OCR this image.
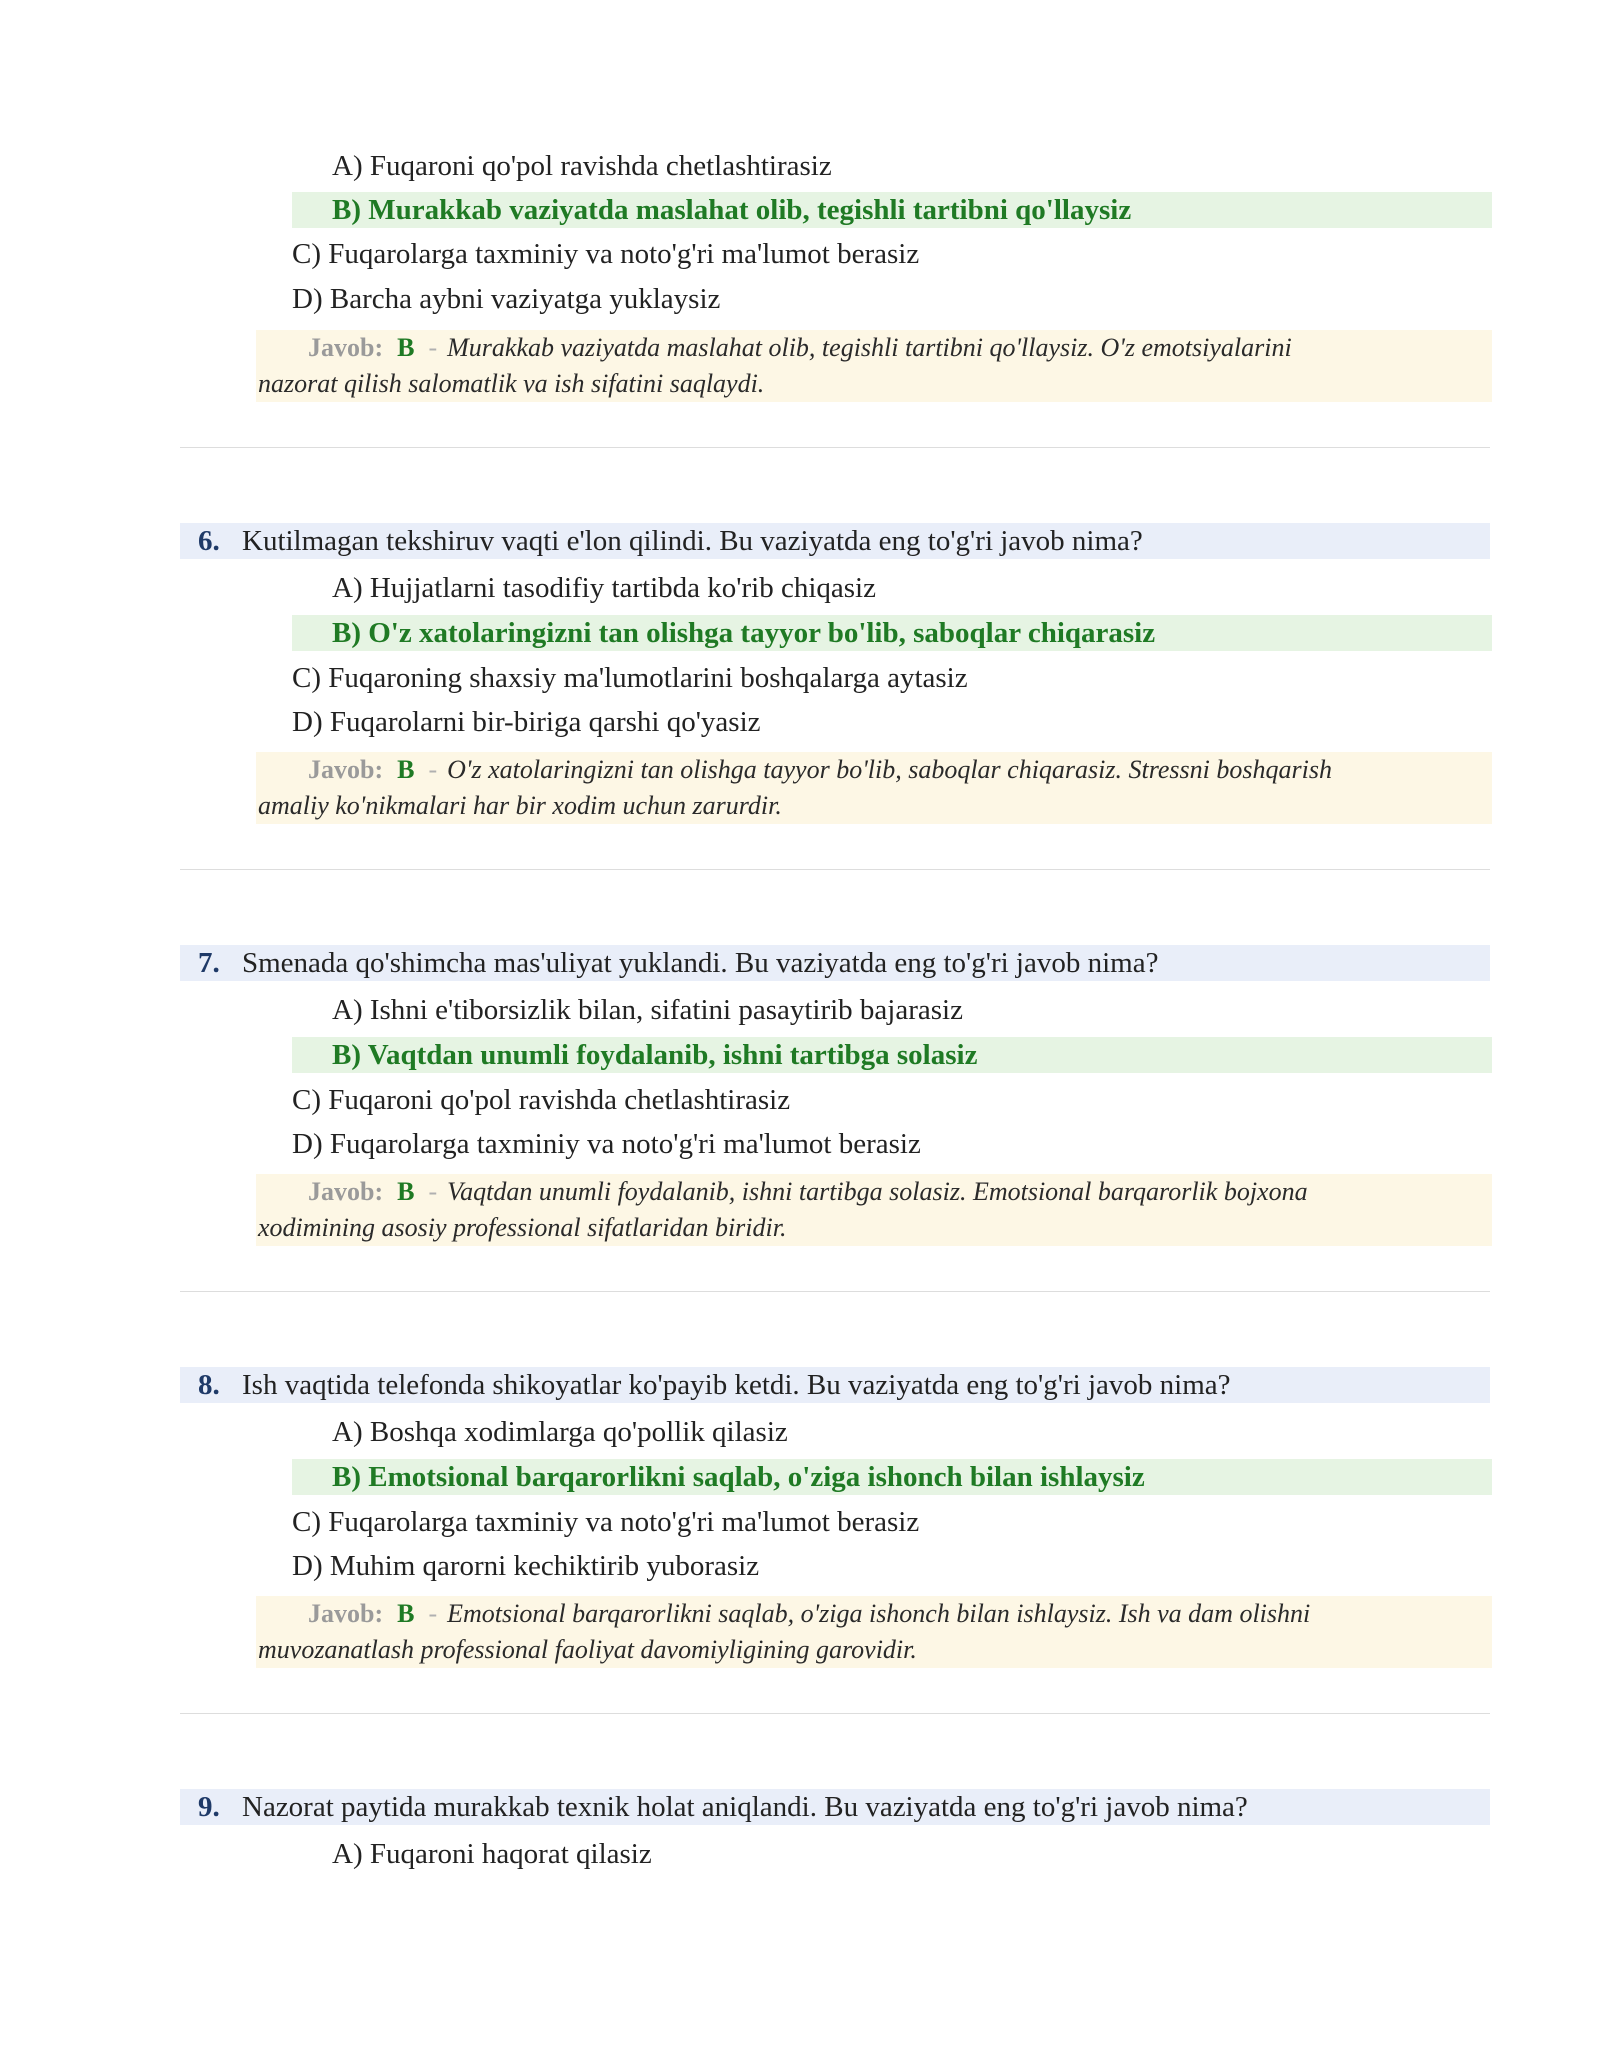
A) Fuqaroni qo'pol ravishda chetlashtirasiz
B) Murakkab vaziyatda maslahat olib, tegishli tartibni qo'llaysiz
C) Fuqarolarga taxminiy va noto'g'ri ma'lumot berasiz
D) Barcha aybni vaziyatga yuklaysiz
Javob: B - Murakkab vaziyatda maslahat olib, tegishli tartibni qo'llaysiz. O'z emotsiyalarini
nazorat qilish salomatlik va ish sifatini saqlaydi.
6. Kutilmagan tekshiruv vaqti e'lon qilindi. Bu vaziyatda eng to'g'ri javob nima?
A) Hujjatlarni tasodifiy tartibda ko'rib chiqasiz
B) O'z xatolaringizni tan olishga tayyor bo'lib, saboqlar chiqarasiz
C) Fuqaroning shaxsiy ma'lumotlarini boshqalarga aytasiz
D) Fuqarolarni bir-biriga qarshi qo'yasiz
Javob: B - O'z xatolaringizni tan olishga tayyor bo'lib, saboqlar chiqarasiz. Stressni boshqarish
amaliy ko'nikmalari har bir xodim uchun zarurdir.
7. Smenada qo'shimcha mas'uliyat yuklandi. Bu vaziyatda eng to'g'ri javob nima?
A) Ishni e'tiborsizlik bilan, sifatini pasaytirib bajarasiz
B) Vaqtdan unumli foydalanib, ishni tartibga solasiz
C) Fuqaroni qo'pol ravishda chetlashtirasiz
D) Fuqarolarga taxminiy va noto'g'ri ma'lumot berasiz
Javob: B - Vaqtdan unumli foydalanib, ishni tartibga solasiz. Emotsional barqarorlik bojxona
xodimining asosiy professional sifatlaridan biridir.
8. Ish vaqtida telefonda shikoyatlar ko'payib ketdi. Bu vaziyatda eng to'g'ri javob nima?
A) Boshqa xodimlarga qo'pollik qilasiz
B) Emotsional barqarorlikni saqlab, o'ziga ishonch bilan ishlaysiz
C) Fuqarolarga taxminiy va noto'g'ri ma'lumot berasiz
D) Muhim qarorni kechiktirib yuborasiz
Javob: B - Emotsional barqarorlikni saqlab, o'ziga ishonch bilan ishlaysiz. Ish va dam olishni
muvozanatlash professional faoliyat davomiyligining garovidir.
9. Nazorat paytida murakkab texnik holat aniqlandi. Bu vaziyatda eng to'g'ri javob nima?
A) Fuqaroni haqorat qilasiz
